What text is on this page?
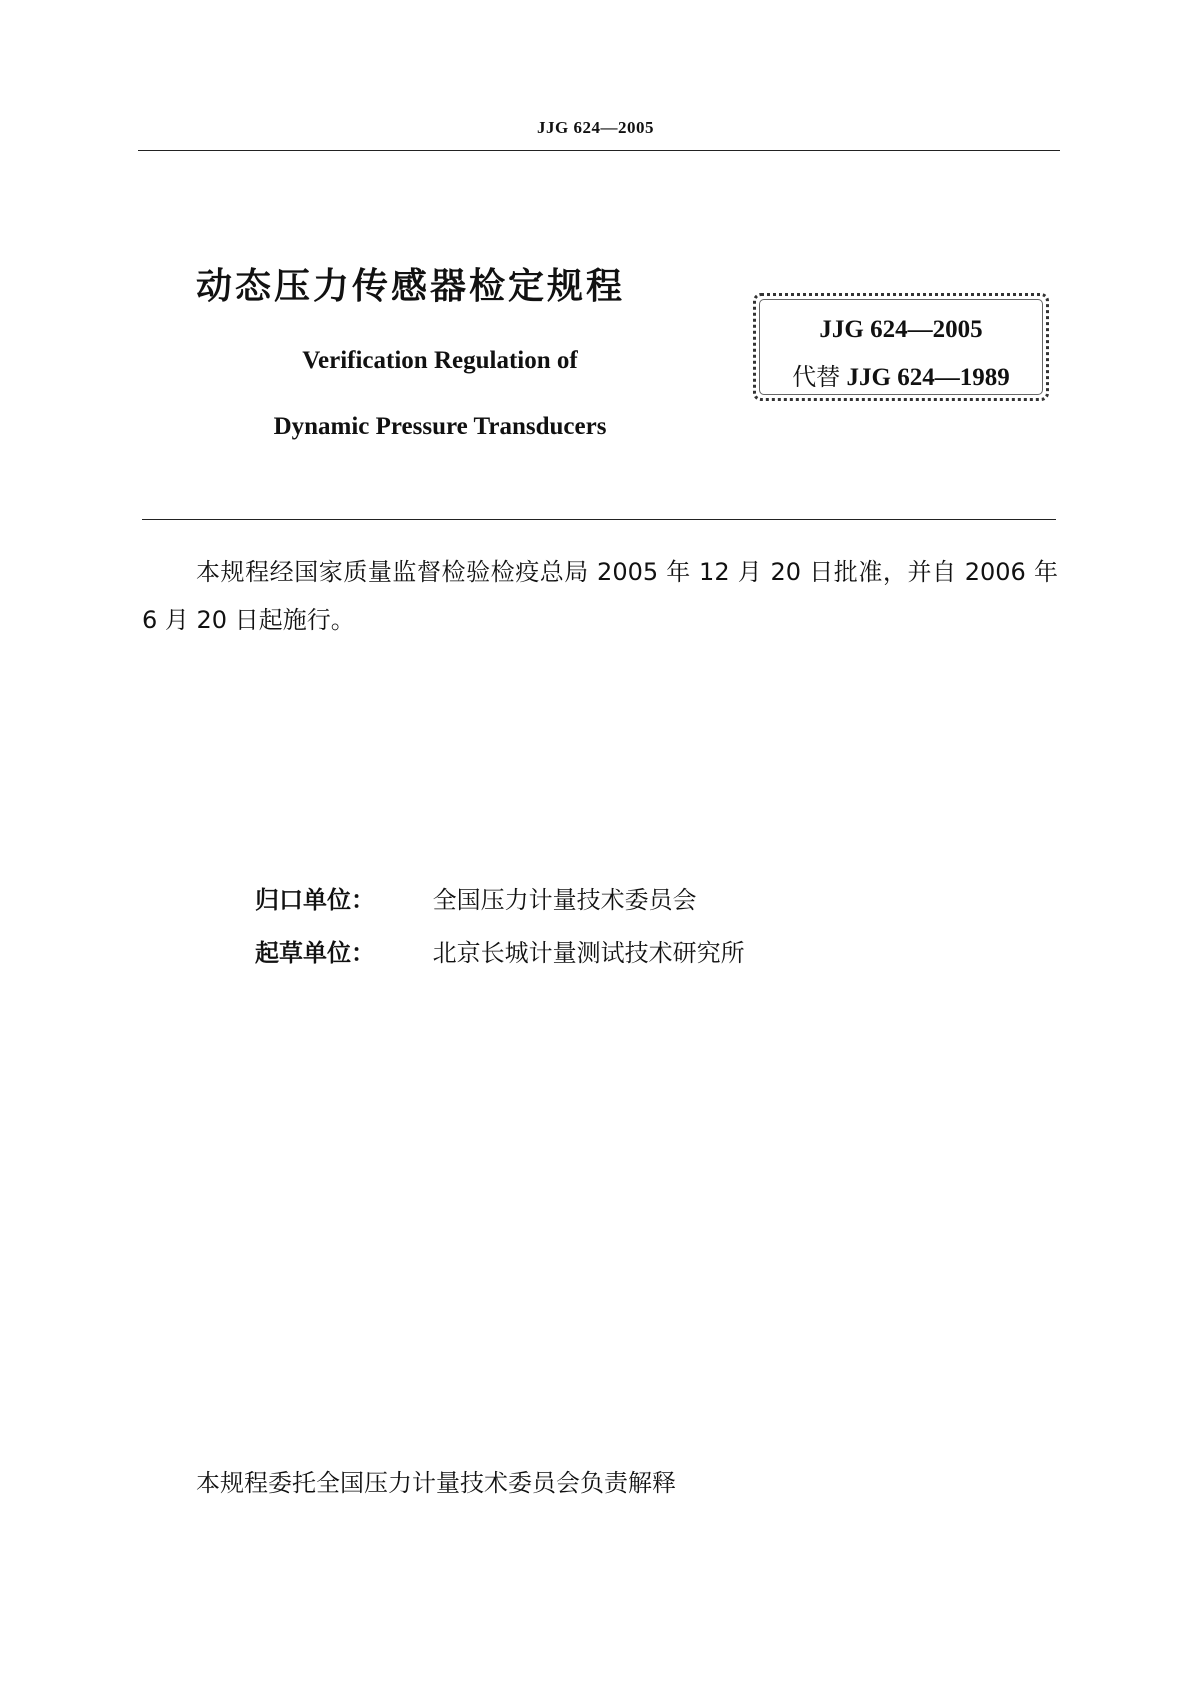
JJG 624—2005
动态压力传感器检定规程
Verification Regulation of
Dynamic Pressure Transducers
JJG 624—2005
代替 JJG 624—1989
本规程经国家质量监督检验检疫总局 2005 年 12 月 20 日批准，并自 2006 年 6 月 20 日起施行。
归口单位： 全国压力计量技术委员会
起草单位： 北京长城计量测试技术研究所
本规程委托全国压力计量技术委员会负责解释
